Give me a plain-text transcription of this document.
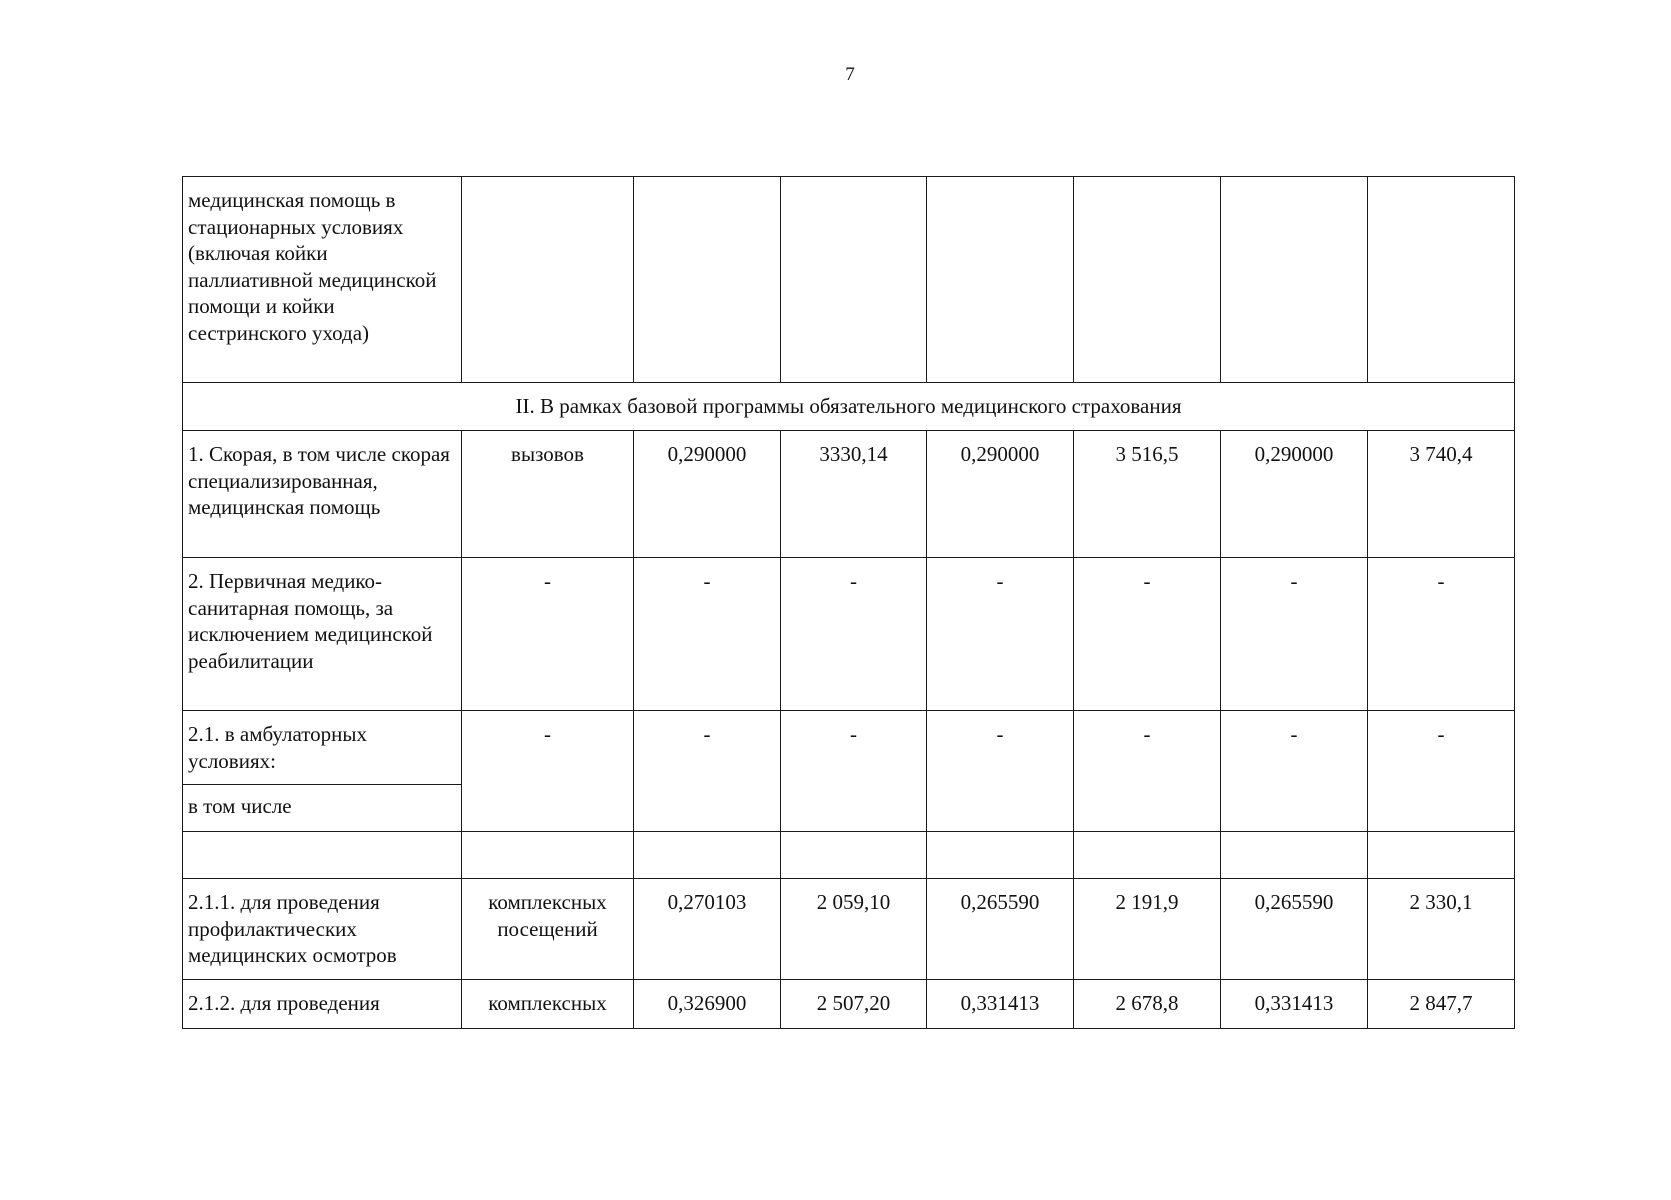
7
медицинская помощь в стационарных условиях (включая койки паллиативной медицинской помощи и койки сестринского ухода)							
II. В рамках базовой программы обязательного медицинского страхования							
1. Скорая, в том числе скорая специализированная, медицинская помощь	вызовов	0,290000	3330,14	0,290000	3 516,5	0,290000	3 740,4
2. Первичная медико-санитарная помощь, за исключением медицинской реабилитации	-	-	-	-	-	-	-
2.1. в амбулаторных условиях:	-	-	-	-	-	-	-
в том числе							

2.1.1. для проведения профилактических медицинских осмотров	комплексных посещений	0,270103	2 059,10	0,265590	2 191,9	0,265590	2 330,1
2.1.2. для проведения	комплексных	0,326900	2 507,20	0,331413	2 678,8	0,331413	2 847,7
